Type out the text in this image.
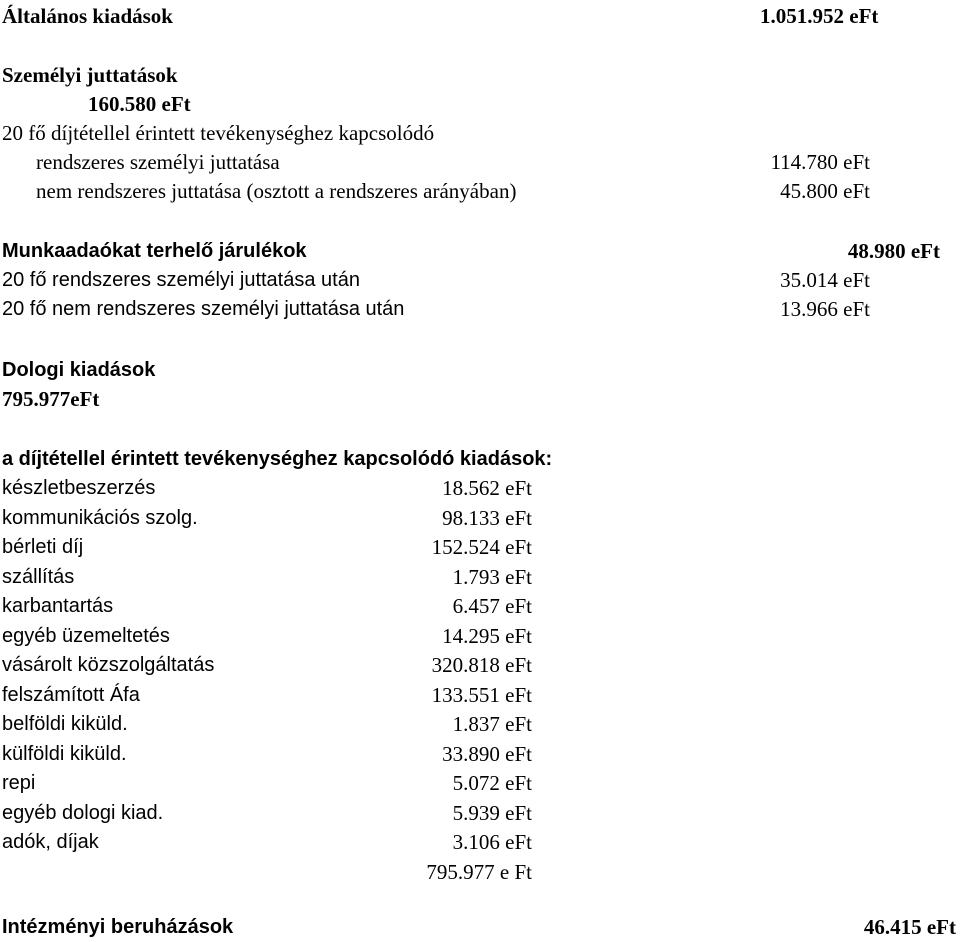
Általános kiadások	1.051.952 eFt
Személyi juttatások
160.580 eFt
20 fő díjtétellel érintett tevékenységhez kapcsolódó
rendszeres személyi juttatása	114.780 eFt
nem rendszeres juttatása (osztott a rendszeres arányában)	45.800 eFt
Munkaadaókat terhelő járulékok	48.980 eFt
20 fő rendszeres személyi juttatása után	35.014 eFt
20 fő nem rendszeres személyi juttatása után	13.966 eFt
Dologi kiadások
795.977eFt
a díjtétellel érintett tevékenységhez kapcsolódó kiadások:
készletbeszerzés	18.562 eFt
kommunikációs szolg.	98.133 eFt
bérleti díj	152.524 eFt
szállítás	1.793 eFt
karbantartás	6.457 eFt
egyéb üzemeltetés	14.295 eFt
vásárolt közszolgáltatás	320.818 eFt
felszámított Áfa	133.551 eFt
belföldi kiküld.	1.837 eFt
külföldi kiküld.	33.890 eFt
repi	5.072 eFt
egyéb dologi kiad.	5.939 eFt
adók, díjak	3.106 eFt
795.977 e Ft
Intézményi beruházások	46.415 eFt
